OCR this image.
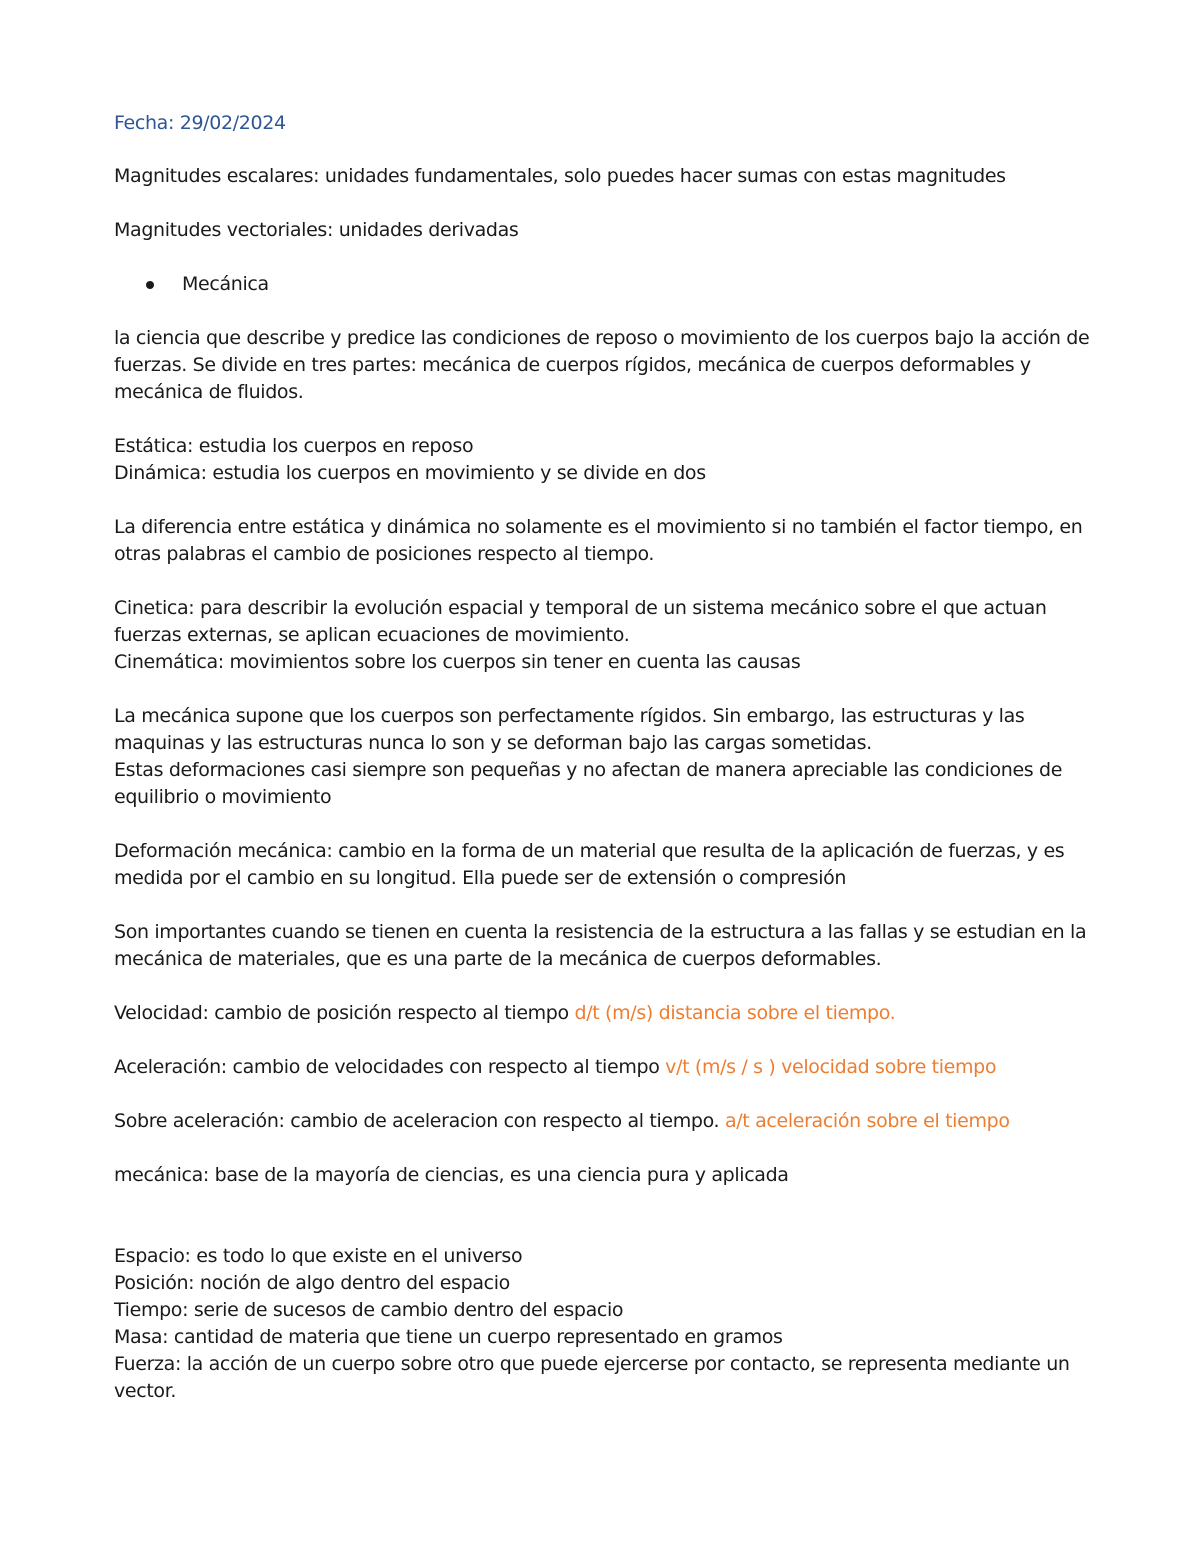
Fecha: 29/02/2024

Magnitudes escalares: unidades fundamentales, solo puedes hacer sumas con estas magnitudes

Magnitudes vectoriales: unidades derivadas

Mecánica

la ciencia que describe y predice las condiciones de reposo o movimiento de los cuerpos bajo la acción de fuerzas. Se divide en tres partes: mecánica de cuerpos rígidos, mecánica de cuerpos deformables y mecánica de fluidos.

Estática: estudia los cuerpos en reposo

Dinámica: estudia los cuerpos en movimiento y se divide en dos

La diferencia entre estática y dinámica no solamente es el movimiento si no también el factor tiempo, en otras palabras el cambio de posiciones respecto al tiempo.

Cinetica: para describir la evolución espacial y temporal de un sistema mecánico sobre el que actuan fuerzas externas, se aplican ecuaciones de movimiento.

Cinemática: movimientos sobre los cuerpos sin tener en cuenta las causas

La mecánica supone que los cuerpos son perfectamente rígidos. Sin embargo, las estructuras y las maquinas y las estructuras nunca lo son y se deforman bajo las cargas sometidas.

Estas deformaciones casi siempre son pequeñas y no afectan de manera apreciable las condiciones de equilibrio o movimiento

Deformación mecánica: cambio en la forma de un material que resulta de la aplicación de fuerzas, y es medida por el cambio en su longitud. Ella puede ser de extensión o compresión

Son importantes cuando se tienen en cuenta la resistencia de la estructura a las fallas y se estudian en la mecánica de materiales, que es una parte de la mecánica de cuerpos deformables.

Velocidad: cambio de posición respecto al tiempo d/t (m/s) distancia sobre el tiempo.

Aceleración: cambio de velocidades con respecto al tiempo v/t (m/s / s ) velocidad sobre tiempo

Sobre aceleración: cambio de aceleracion con respecto al tiempo. a/t aceleración sobre el tiempo

mecánica: base de la mayoría de ciencias, es una ciencia pura y aplicada

Espacio: es todo lo que existe en el universo

Posición: noción de algo dentro del espacio

Tiempo: serie de sucesos de cambio dentro del espacio

Masa: cantidad de materia que tiene un cuerpo representado en gramos

Fuerza: la acción de un cuerpo sobre otro que puede ejercerse por contacto, se representa mediante un vector.
